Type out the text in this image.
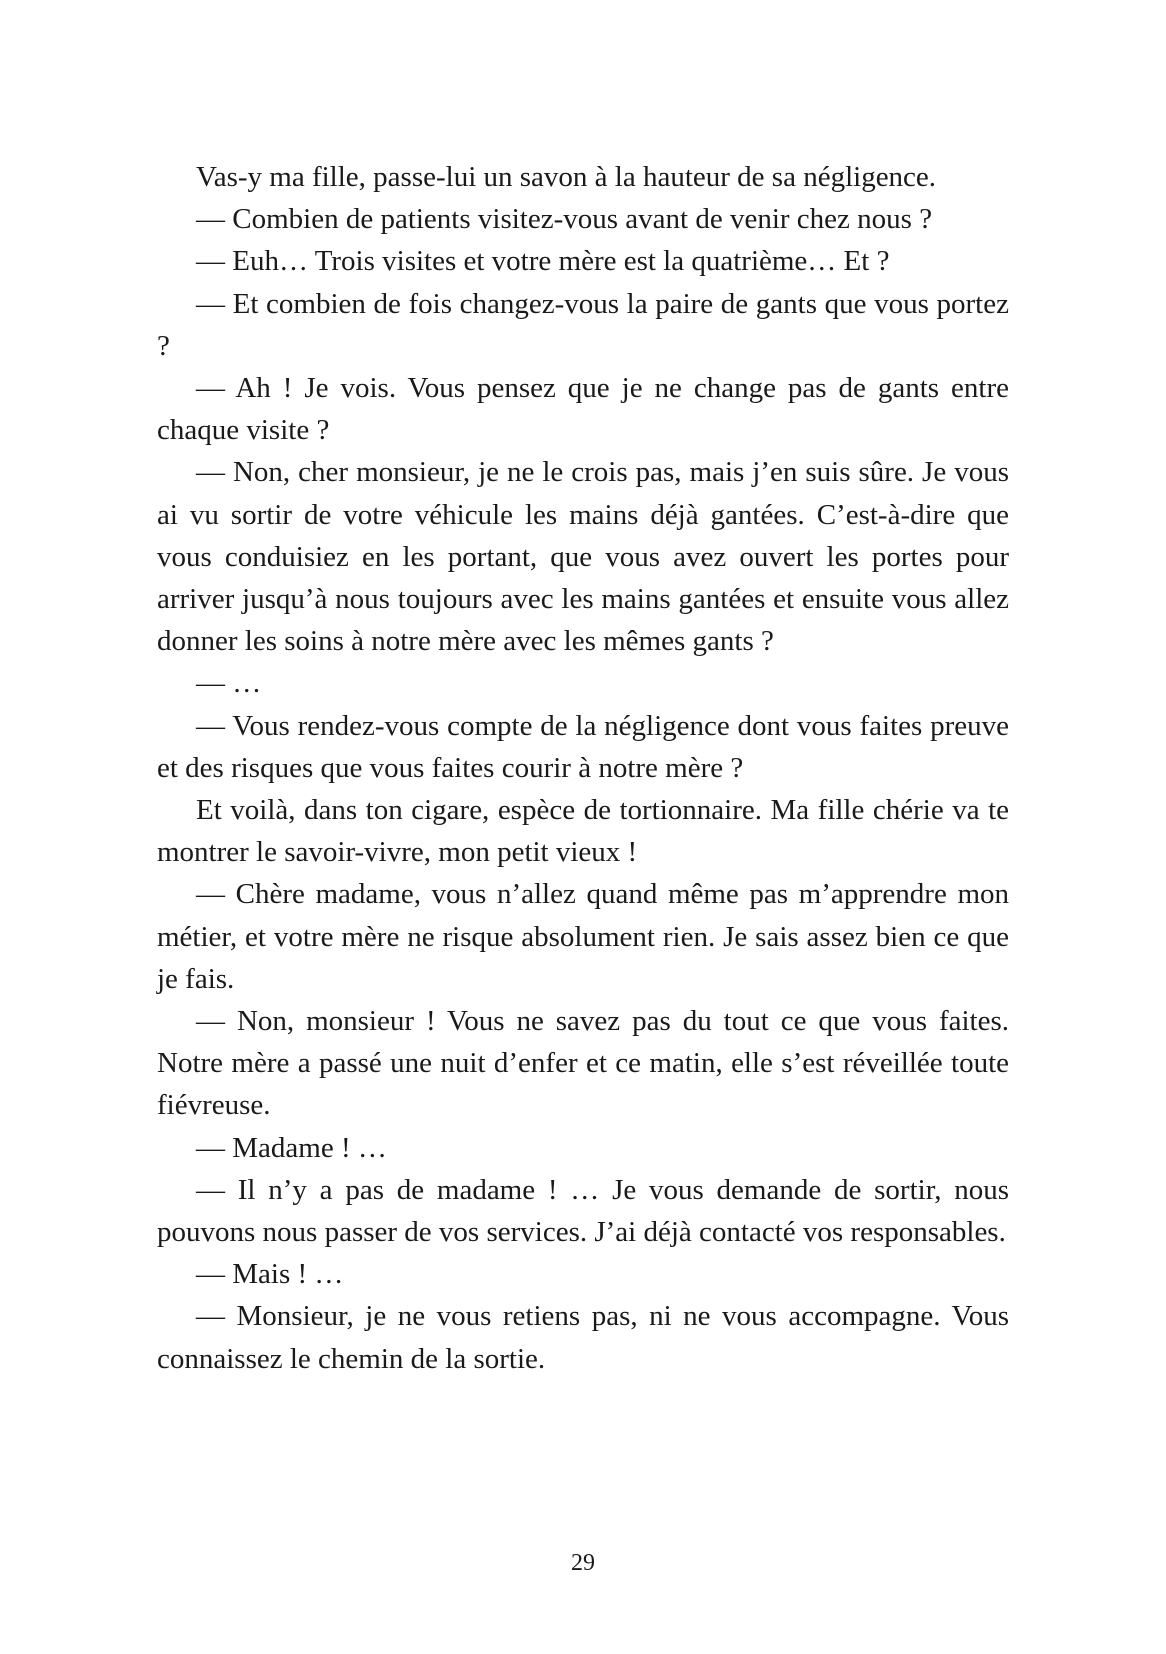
Vas-y ma fille, passe-lui un savon à la hauteur de sa négligence.

— Combien de patients visitez-vous avant de venir chez nous ?

— Euh… Trois visites et votre mère est la quatrième… Et ?

— Et combien de fois changez-vous la paire de gants que vous portez ?

— Ah ! Je vois. Vous pensez que je ne change pas de gants entre chaque visite ?

— Non, cher monsieur, je ne le crois pas, mais j’en suis sûre. Je vous ai vu sortir de votre véhicule les mains déjà gantées. C’est-à-dire que vous conduisiez en les portant, que vous avez ouvert les portes pour arriver jusqu’à nous toujours avec les mains gantées et ensuite vous allez donner les soins à notre mère avec les mêmes gants ?

— …

— Vous rendez-vous compte de la négligence dont vous faites preuve et des risques que vous faites courir à notre mère ?

Et voilà, dans ton cigare, espèce de tortionnaire. Ma fille chérie va te montrer le savoir-vivre, mon petit vieux !

— Chère madame, vous n’allez quand même pas m’apprendre mon métier, et votre mère ne risque absolument rien. Je sais assez bien ce que je fais.

— Non, monsieur ! Vous ne savez pas du tout ce que vous faites. Notre mère a passé une nuit d’enfer et ce matin, elle s’est réveillée toute fiévreuse.

— Madame ! …

— Il n’y a pas de madame ! … Je vous demande de sortir, nous pouvons nous passer de vos services. J’ai déjà contacté vos responsables.

— Mais ! …

— Monsieur, je ne vous retiens pas, ni ne vous accompagne. Vous connaissez le chemin de la sortie.

29
